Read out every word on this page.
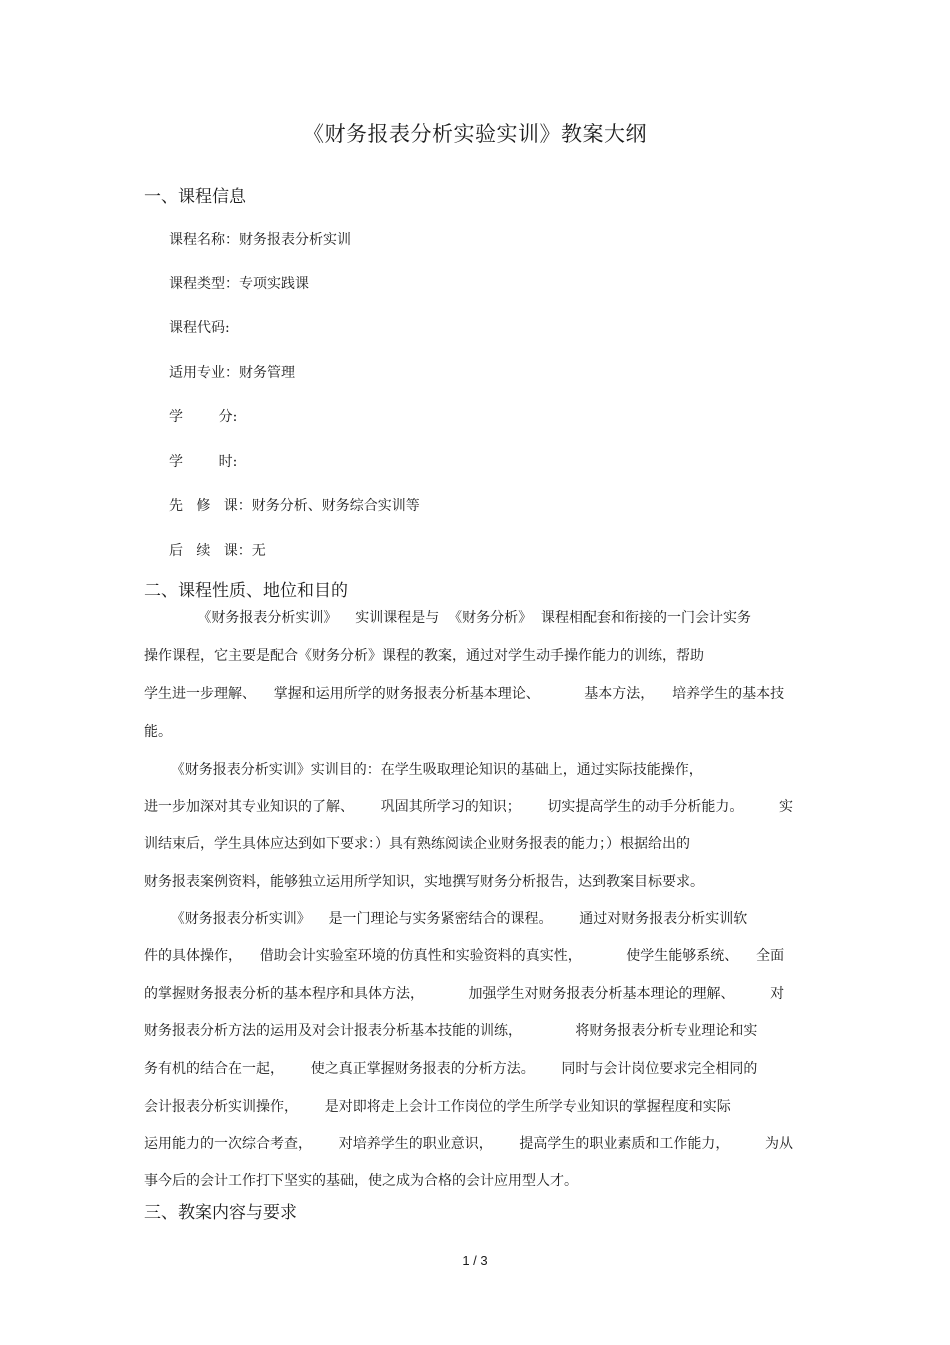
《财务报表分析实验实训》教案大纲
一、课程信息
课程名称：财务报表分析实训
课程类型：专项实践课
课程代码:
适用专业：财务管理
学        分:
学        时:
先   修   课：财务分析、财务综合实训等
后   续   课：无
二、课程性质、地位和目的
《财务报表分析实训》    实训课程是与  《财务分析》  课程相配套和衔接的一门会计实务
操作课程，它主要是配合《财务分析》课程的教案，通过对学生动手操作能力的训练，帮助
学生进一步理解、    掌握和运用所学的财务报表分析基本理论、          基本方法，    培养学生的基本技
能。
《财务报表分析实训》实训目的：在学生吸取理论知识的基础上，通过实际技能操作，
进一步加深对其专业知识的了解、      巩固其所学习的知识；      切实提高学生的动手分析能力。        实
训结束后，学生具体应达到如下要求：）具有熟练阅读企业财务报表的能力；）根据给出的
财务报表案例资料，能够独立运用所学知识，实地撰写财务分析报告，达到教案目标要求。
《财务报表分析实训》    是一门理论与实务紧密结合的课程。      通过对财务报表分析实训软
件的具体操作，    借助会计实验室环境的仿真性和实验资料的真实性，          使学生能够系统、    全面
的掌握财务报表分析的基本程序和具体方法，          加强学生对财务报表分析基本理论的理解、        对
财务报表分析方法的运用及对会计报表分析基本技能的训练，            将财务报表分析专业理论和实
务有机的结合在一起，      使之真正掌握财务报表的分析方法。      同时与会计岗位要求完全相同的
会计报表分析实训操作，      是对即将走上会计工作岗位的学生所学专业知识的掌握程度和实际
运用能力的一次综合考查，      对培养学生的职业意识，      提高学生的职业素质和工作能力，        为从
事今后的会计工作打下坚实的基础，使之成为合格的会计应用型人才。
三、教案内容与要求
1 / 3
